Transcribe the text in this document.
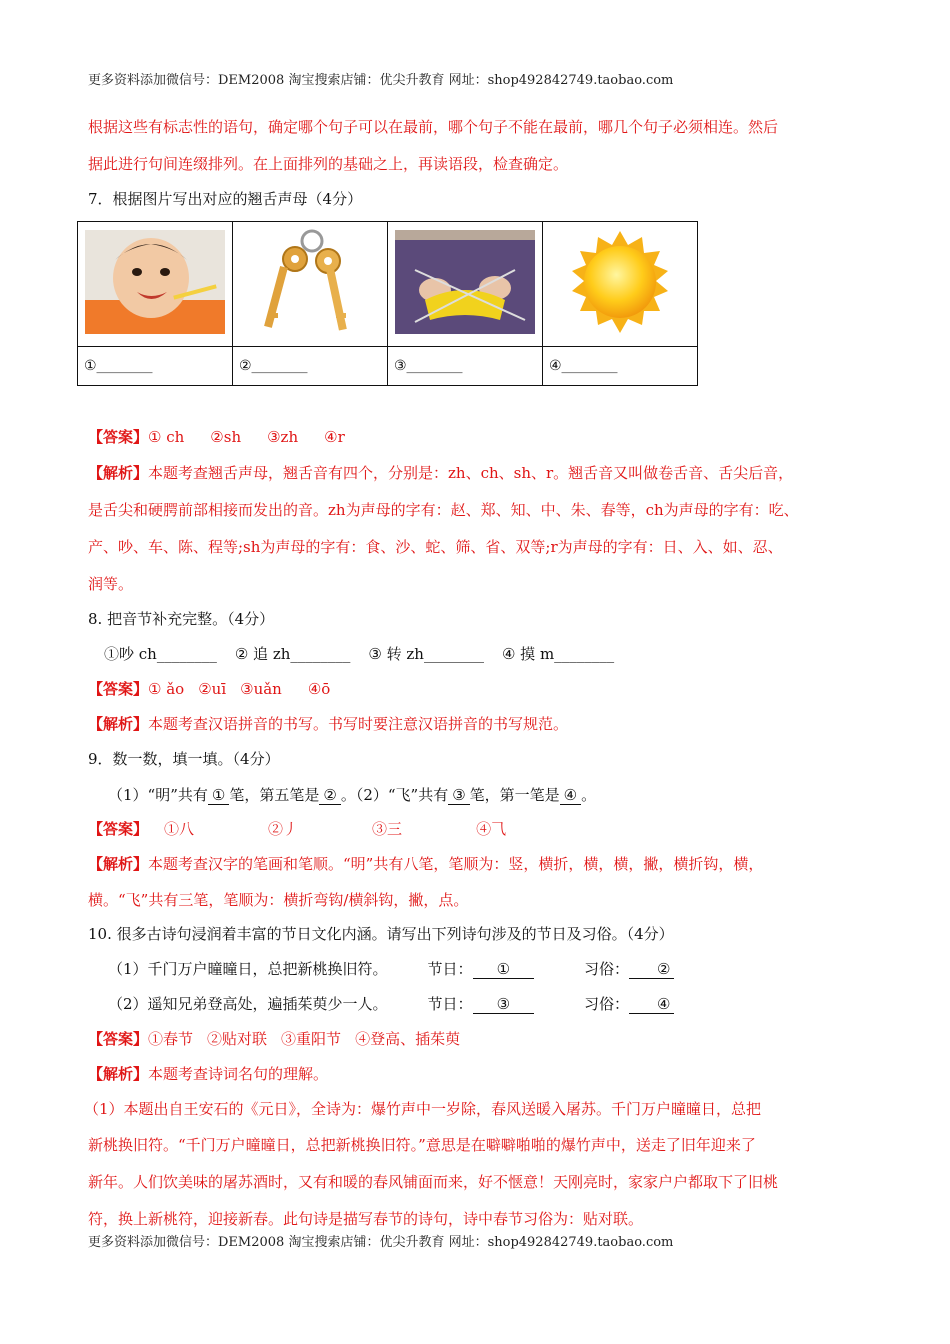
更多资料添加微信号：DEM2008 淘宝搜索店铺：优尖升教育 网址：shop492842749.taobao.com
根据这些有标志性的语句，确定哪个句子可以在最前，哪个句子不能在最前，哪几个句子必须相连。然后
据此进行句间连缀排列。在上面排列的基础之上，再读语段，检查确定。
7．根据图片写出对应的翘舌声母（4分）

①________	②________	③________	④________
【答案】① ch ②sh ③zh ④r
【解析】本题考查翘舌声母，翘舌音有四个，分别是：zh、ch、sh、r。翘舌音又叫做卷舌音、舌尖后音，
是舌尖和硬腭前部相接而发出的音。zh为声母的字有：赵、郑、知、中、朱、春等，ch为声母的字有：吃、
产、吵、车、陈、程等;sh为声母的字有：食、沙、蛇、筛、省、双等;r为声母的字有：日、入、如、忍、
润等。
8. 把音节补充完整。（4分）
①吵 ch________ ② 追 zh________ ③ 转 zh________ ④ 摸 m________
【答案】① ǎo ②uī ③uǎn ④ō
【解析】本题考查汉语拼音的书写。书写时要注意汉语拼音的书写规范。
9．数一数，填一填。（4分）
（1）“明”共有 ① 笔，第五笔是 ② 。（2）“飞”共有 ③ 笔，第一笔是 ④ 。
【答案】 ①八	②丿	③三	④⺄
【解析】本题考查汉字的笔画和笔顺。“明”共有八笔，笔顺为：竖，横折，横，横，撇，横折钩，横，
横。“飞”共有三笔，笔顺为：横折弯钩/横斜钩，撇，点。
10. 很多古诗句浸润着丰富的节日文化内涵。请写出下列诗句涉及的节日及习俗。（4分）
（1）千门万户曈曈日，总把新桃换旧符。	节日： ①	习俗： ②
（2）遥知兄弟登高处，遍插茱萸少一人。	节日： ③	习俗： ④
【答案】①春节 ②贴对联 ③重阳节 ④登高、插茱萸
【解析】本题考查诗词名句的理解。
（1）本题出自王安石的《元日》，全诗为：爆竹声中一岁除，春风送暖入屠苏。千门万户曈曈日，总把
新桃换旧符。“千门万户曈曈日，总把新桃换旧符。”意思是在噼噼啪啪的爆竹声中，送走了旧年迎来了
新年。人们饮美味的屠苏酒时，又有和暖的春风铺面而来，好不惬意！天刚亮时，家家户户都取下了旧桃
符，换上新桃符，迎接新春。此句诗是描写春节的诗句，诗中春节习俗为：贴对联。
更多资料添加微信号：DEM2008 淘宝搜索店铺：优尖升教育 网址：shop492842749.taobao.com
